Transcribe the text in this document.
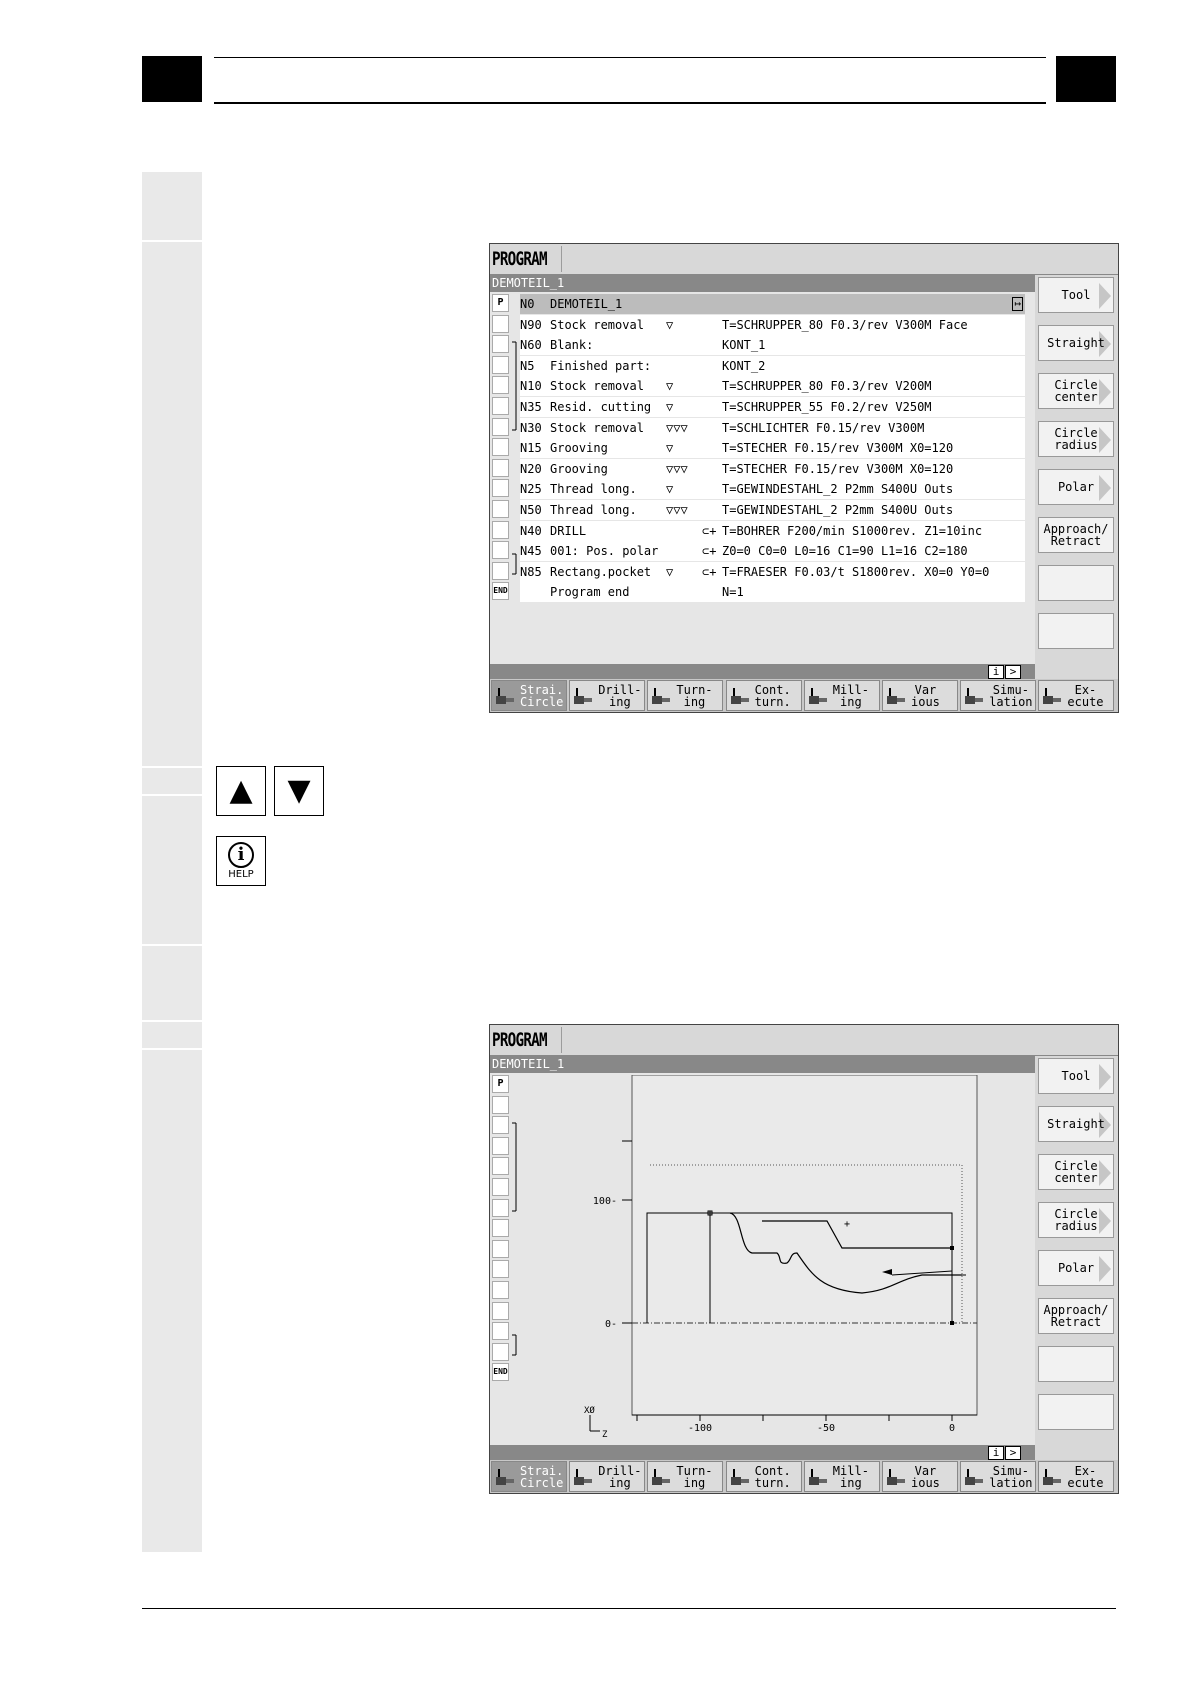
PROGRAM
DEMOTEIL_1
P
END
N0 DEMOTEIL_1	↦
N90 Stock removal ▽	T=SCHRUPPER_80 F0.3/rev V300M Face
N60 Blank:	KONT_1
N5 Finished part:	KONT_2
N10 Stock removal ▽	T=SCHRUPPER_80 F0.3/rev V200M
N35 Resid. cutting ▽	T=SCHRUPPER_55 F0.2/rev V250M
N30 Stock removal ▽▽▽	T=SCHLICHTER F0.15/rev V300M
N15 Grooving	▽	T=STECHER F0.15/rev V300M X0=120
N20 Grooving	▽▽▽	T=STECHER F0.15/rev V300M X0=120
N25 Thread long. ▽	T=GEWINDESTAHL_2 P2mm S400U Outs
N50 Thread long. ▽▽▽	T=GEWINDESTAHL_2 P2mm S400U Outs
N40 DRILL	⊂+ T=BOHRER F200/min S1000rev. Z1=10inc
N45 001: Pos. polar	⊂+ Z0=0 C0=0 L0=16 C1=90 L1=16 C2=180
N85 Rectang.pocket ▽ ⊂+ T=FRAESER F0.03/t S1800rev. X0=0 Y0=0
Program end	N=1
i >
Tool
Straight
Circle
center
Circle
radius
Polar
Approach/
Retract
Strai.
Circle
Drill-
ing
Turn-
ing
Cont.
turn.
Mill-
ing
Var
ious
Simu-
lation
Ex-
ecute
▲	▼
i
HELP
PROGRAM
DEMOTEIL_1
P
END
100-
0-
-100	-50	0
+
XØ
Z
i >
Tool
Straight
Circle
center
Circle
radius
Polar
Approach/
Retract
Strai.
Circle
Drill-
ing
Turn-
ing
Cont.
turn.
Mill-
ing
Var
ious
Simu-
lation
Ex-
ecute
